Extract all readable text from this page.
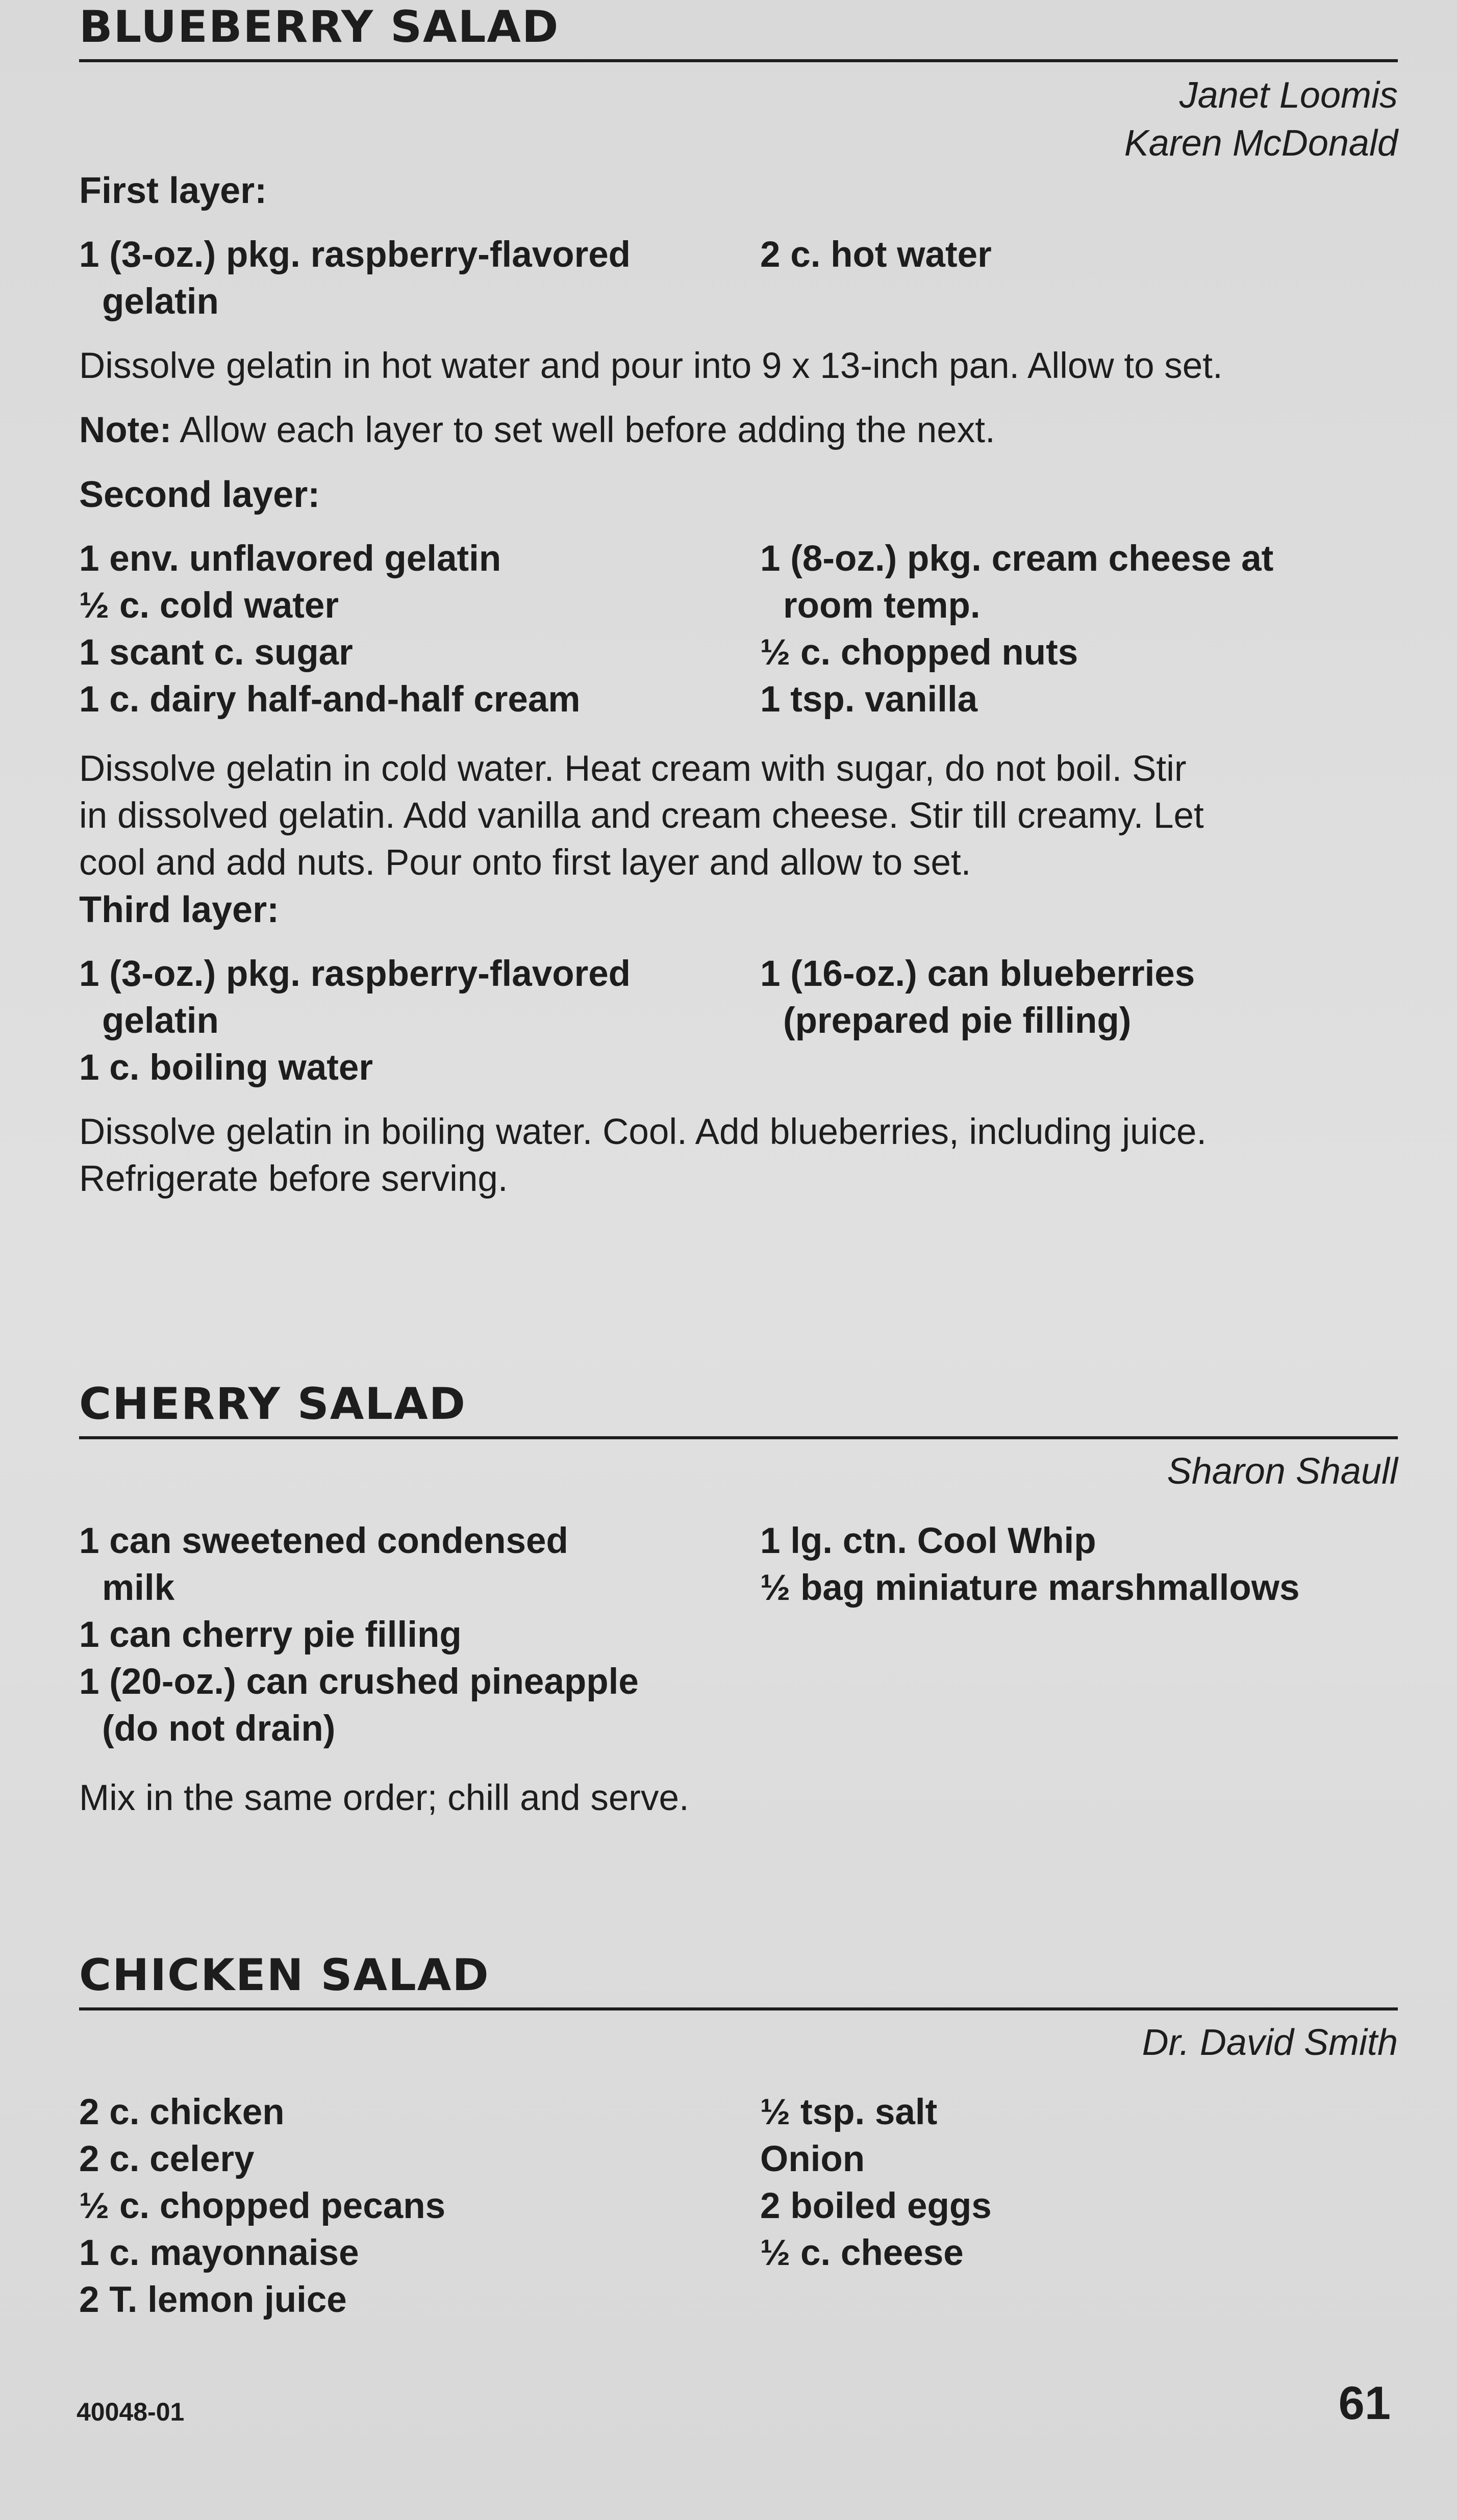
BLUEBERRY SALAD
Janet Loomis
Karen McDonald
First layer:
1 (3-oz.) pkg. raspberry-flavored
gelatin
2 c. hot water
Dissolve gelatin in hot water and pour into 9 x 13-inch pan. Allow to set.
Note: Allow each layer to set well before adding the next.
Second layer:
1 env. unflavored gelatin
½ c. cold water
1 scant c. sugar
1 c. dairy half-and-half cream
1 (8-oz.) pkg. cream cheese at
room temp.
½ c. chopped nuts
1 tsp. vanilla
Dissolve gelatin in cold water. Heat cream with sugar, do not boil. Stir
in dissolved gelatin. Add vanilla and cream cheese. Stir till creamy. Let
cool and add nuts. Pour onto first layer and allow to set.
Third layer:
1 (3-oz.) pkg. raspberry-flavored
gelatin
1 c. boiling water
1 (16-oz.) can blueberries
(prepared pie filling)
Dissolve gelatin in boiling water. Cool. Add blueberries, including juice.
Refrigerate before serving.
CHERRY SALAD
Sharon Shaull
1 can sweetened condensed
milk
1 can cherry pie filling
1 (20-oz.) can crushed pineapple
(do not drain)
1 lg. ctn. Cool Whip
½ bag miniature marshmallows
Mix in the same order; chill and serve.
CHICKEN SALAD
Dr. David Smith
2 c. chicken
2 c. celery
½ c. chopped pecans
1 c. mayonnaise
2 T. lemon juice
½ tsp. salt
Onion
2 boiled eggs
½ c. cheese
40048-01	61
